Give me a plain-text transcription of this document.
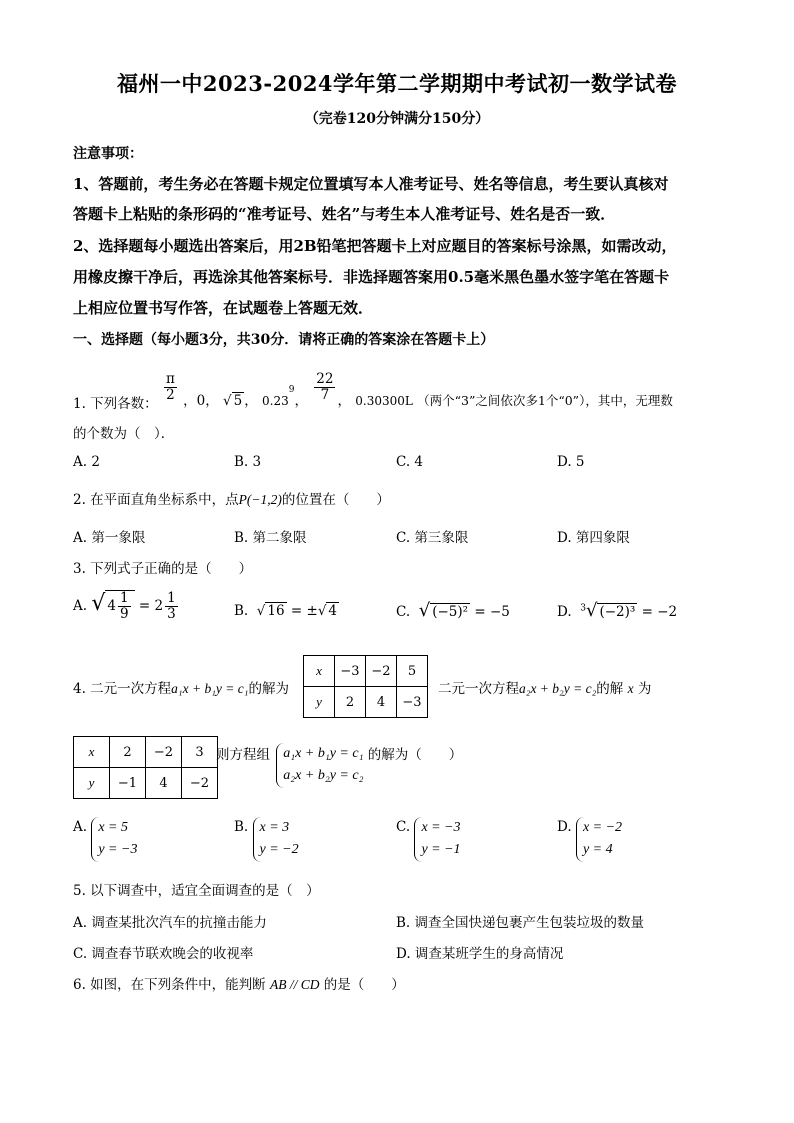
福州一中2023-2024学年第二学期期中考试初一数学试卷
（完卷120分钟满分150分）
注意事项：
1、答题前，考生务必在答题卡规定位置填写本人准考证号、姓名等信息，考生要认真核对
答题卡上粘贴的条形码的“准考证号、姓名”与考生本人准考证号、姓名是否一致．
2、选择题每小题选出答案后，用2B铅笔把答题卡上对应题目的答案标号涂黑，如需改动，
用橡皮擦干净后，再选涂其他答案标号．非选择题答案用0.5毫米黑色墨水签字笔在答题卡
上相应位置书写作答，在试题卷上答题无效．
一、选择题（每小题3分，共30分．请将正确的答案涂在答题卡上）
1. 下列各数：
$\frac{\pi}{2}$ ，0， √ 5 ， 0.23$^9$， $\frac{22}{7}$ ， 0.30300L （两个“3”之间依次多1个“0”），其中，无理数
的个数为（　）．
A. 2	B. 3	C. 4	D. 5
2. 在平面直角坐标系中，点P(−1,2)的位置在（　　）
A. 第一象限	B. 第二象限	C. 第三象限	D. 第四象限
3. 下列式子正确的是（　　）
A. √ $4 \frac{1}{9} = 2 \frac{1}{3}$	B.  √ 16 = ±√ 4	C. √ (−5)² = −5	D. $^3$√ (−2)³ = −2
4. 二元一次方程a₁x + b₁y = c₁的解为
x	−3	−2	5
y	2	4	−3
二元一次方程a₂x + b₂y = c₂的解 x 为
x	2	−2	3
y	−1	4	−2
则方程组 a₁x + b₁y = c₁
a₂x + b₂y = c₂
的解为（　　）
A. x = 5
y = −3
B. x = 3
y = −2
C. x = −3
y = −1
D. x = −2
y = 4
5. 以下调查中，适宜全面调查的是（　）
A. 调查某批次汽车的抗撞击能力	B. 调查全国快递包裹产生包装垃圾的数量
C. 调查春节联欢晚会的收视率	D. 调查某班学生的身高情况
6. 如图，在下列条件中，能判断 AB // CD 的是（　　）
